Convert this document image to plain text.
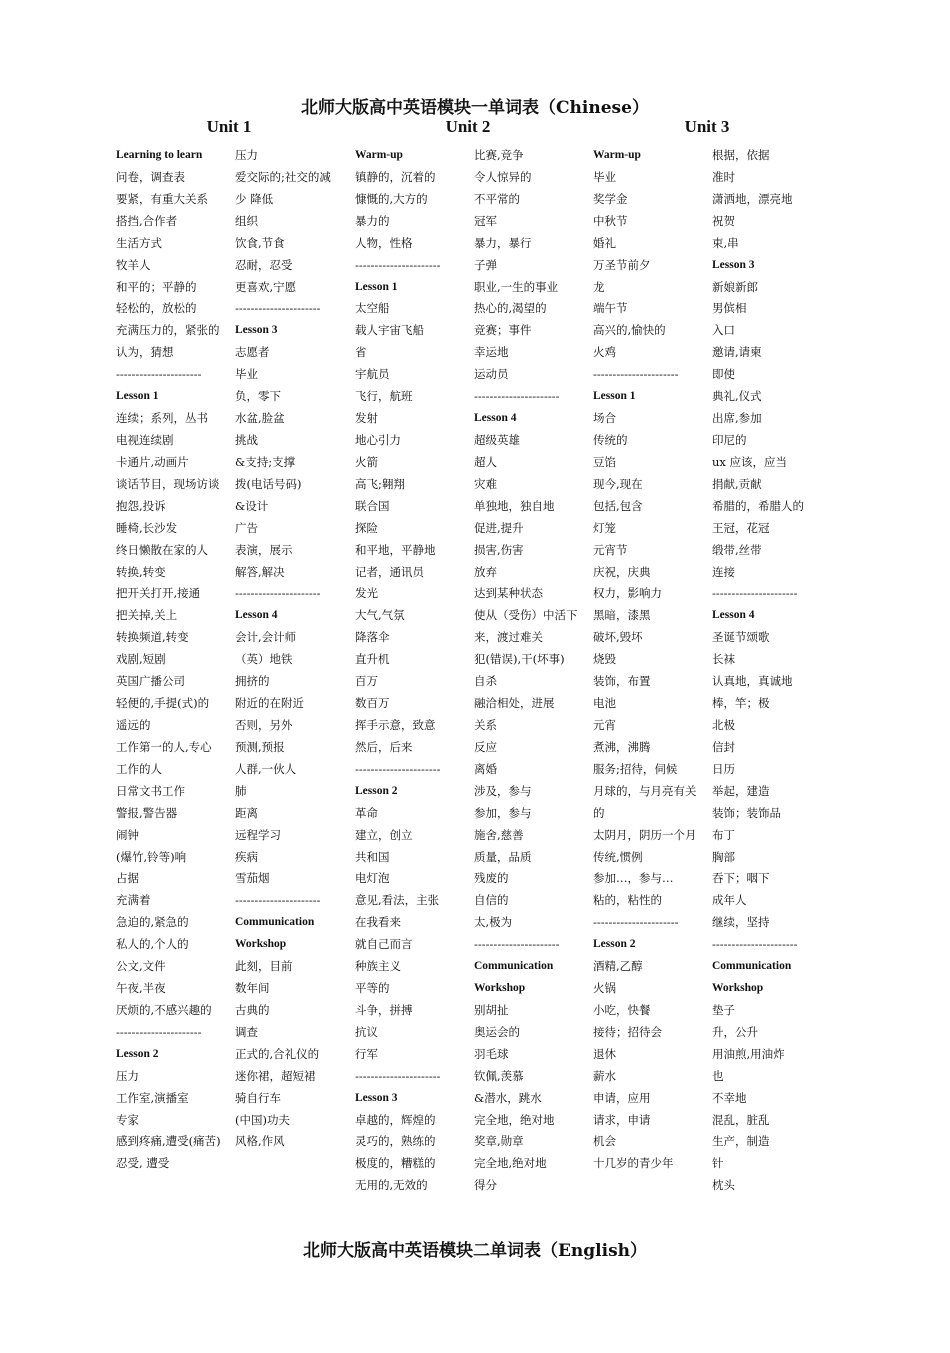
北师大版高中英语模块一单词表（Chinese）
Unit 1	Unit 2	Unit 3
Learning to learn
问卷，调查表
要紧，有重大关系
搭挡,合作者
生活方式
牧羊人
和平的；平静的
轻松的，放松的
充满压力的，紧张的
认为，猜想
----------------------
Lesson 1
连续；系列，丛书
电视连续剧
卡通片,动画片
谈话节目，现场访谈
抱怨,投诉
睡椅,长沙发
终日懒散在家的人
转换,转变
把开关打开,接通
把关掉,关上
转换频道,转变
戏剧,短剧
英国广播公司
轻便的,手提(式)的
遥远的
工作第一的人,专心
工作的人
日常文书工作
警报,警告器
闹钟
(爆竹,铃等)响
占据
充满着
急迫的,紧急的
私人的,个人的
公文,文件
午夜,半夜
厌烦的,不感兴趣的
----------------------
Lesson 2
压力
工作室,演播室
专家
感到疼痛,遭受(痛苦)
忍受, 遭受
压力
爱交际的;社交的减
少 降低
组织
饮食,节食
忍耐，忍受
更喜欢,宁愿
----------------------
Lesson 3
志愿者
毕业
负，零下
水盆,脸盆
挑战
&支持;支撑
拨(电话号码)
&设计
广告
表演，展示
解答,解决
----------------------
Lesson 4
会计,会计师
（英）地铁
拥挤的
附近的在附近
否则，另外
预测,预报
人群,一伙人
肺
距离
远程学习
疾病
雪茄烟
----------------------
Communication
Workshop
此刻，目前
数年间
古典的
调查
正式的,合礼仪的
迷你裙，超短裙
骑自行车
(中国)功夫
风格,作风
Warm-up
镇静的，沉着的
慷慨的,大方的
暴力的
人物，性格
----------------------
Lesson 1
太空船
载人宇宙飞船
省
宇航员
飞行，航班
发射
地心引力
火箭
高飞;翱翔
联合国
探险
和平地，平静地
记者，通讯员
发光
大气,气氛
降落伞
直升机
百万
数百万
挥手示意，致意
然后，后来
----------------------
Lesson 2
革命
建立，创立
共和国
电灯泡
意见,看法，主张
在我看来
就自己而言
种族主义
平等的
斗争，拼搏
抗议
行军
----------------------
Lesson 3
卓越的，辉煌的
灵巧的，熟练的
极度的，糟糕的
无用的,无效的
比赛,竞争
令人惊异的
不平常的
冠军
暴力，暴行
子弹
职业,一生的事业
热心的,渴望的
竞赛；事件
幸运地
运动员
----------------------
Lesson 4
超级英雄
超人
灾难
单独地，独自地
促进,提升
损害,伤害
放弃
达到某种状态
使从（受伤）中活下
来，渡过难关
犯(错误),干(坏事)
自杀
融洽相处，进展
关系
反应
离婚
涉及，参与
参加，参与
施舍,慈善
质量，品质
残废的
自信的
太,极为
----------------------
Communication
Workshop
别胡扯
奥运会的
羽毛球
钦佩,羡慕
&潜水，跳水
完全地，绝对地
奖章,勋章
完全地,绝对地
得分
Warm-up
毕业
奖学金
中秋节
婚礼
万圣节前夕
龙
端午节
高兴的,愉快的
火鸡
----------------------
Lesson 1
场合
传统的
豆馅
现今,现在
包括,包含
灯笼
元宵节
庆祝，庆典
权力，影响力
黑暗，漆黑
破坏,毁坏
烧毁
装饰，布置
电池
元宵
煮沸，沸腾
服务;招待，伺候
月球的，与月亮有关
的
太阴月，阴历一个月
传统,惯例
参加…，参与…
粘的，粘性的
----------------------
Lesson 2
酒精,乙醇
火锅
小吃，快餐
接待；招待会
退休
薪水
申请，应用
请求，申请
机会
十几岁的青少年
根据，依据
准时
潇洒地，漂亮地
祝贺
束,串
Lesson 3
新娘新郎
男傧相
入口
邀请,请柬
即使
典礼,仪式
出席,参加
印尼的
ux 应该，应当
捐献,贡献
希腊的，希腊人的
王冠，花冠
缎带,丝带
连接
----------------------
Lesson 4
圣诞节颂歌
长袜
认真地，真诚地
棒，竿；极
北极
信封
日历
举起，建造
装饰；装饰品
布丁
胸部
吞下；咽下
成年人
继续，坚持
----------------------
Communication
Workshop
垫子
升，公升
用油煎,用油炸
也
不幸地
混乱，脏乱
生产，制造
针
枕头
北师大版高中英语模块二单词表（English）
